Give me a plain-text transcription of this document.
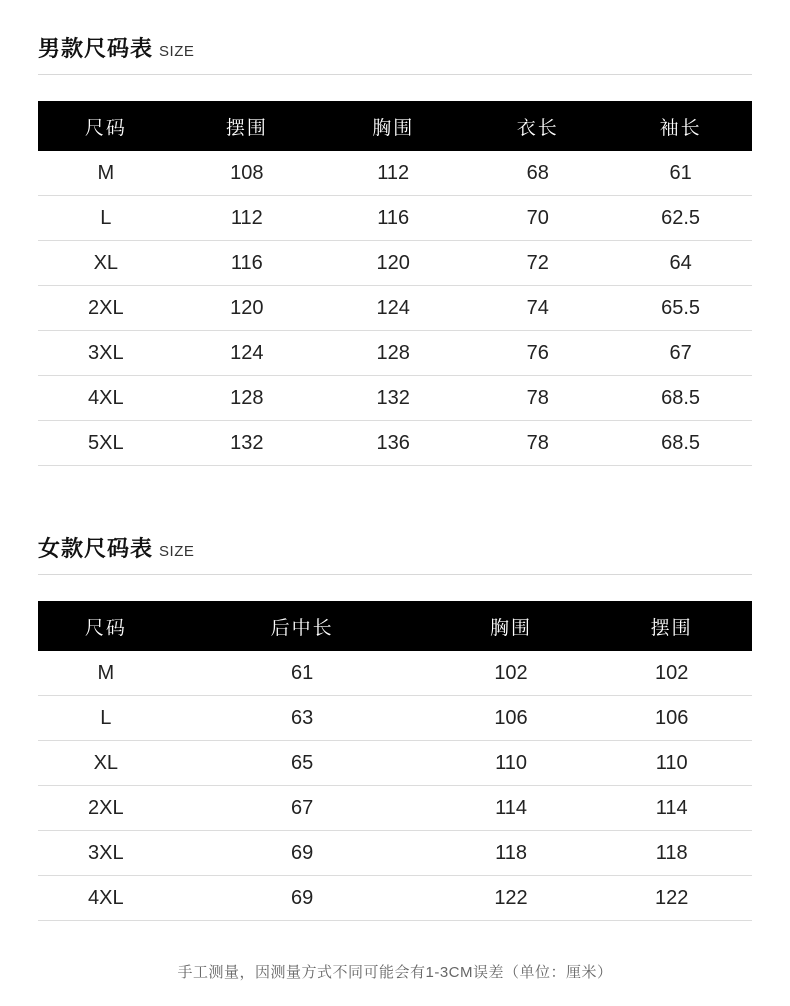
男款尺码表 SIZE
尺码	摆围	胸围	衣长	袖长
M	108	112	68	61
L	112	116	70	62.5
XL	116	120	72	64
2XL	120	124	74	65.5
3XL	124	128	76	67
4XL	128	132	78	68.5
5XL	132	136	78	68.5
女款尺码表 SIZE
尺码	后中长	胸围	摆围
M	61	102	102
L	63	106	106
XL	65	110	110
2XL	67	114	114
3XL	69	118	118
4XL	69	122	122
手工测量，因测量方式不同可能会有1-3CM误差（单位：厘米）
